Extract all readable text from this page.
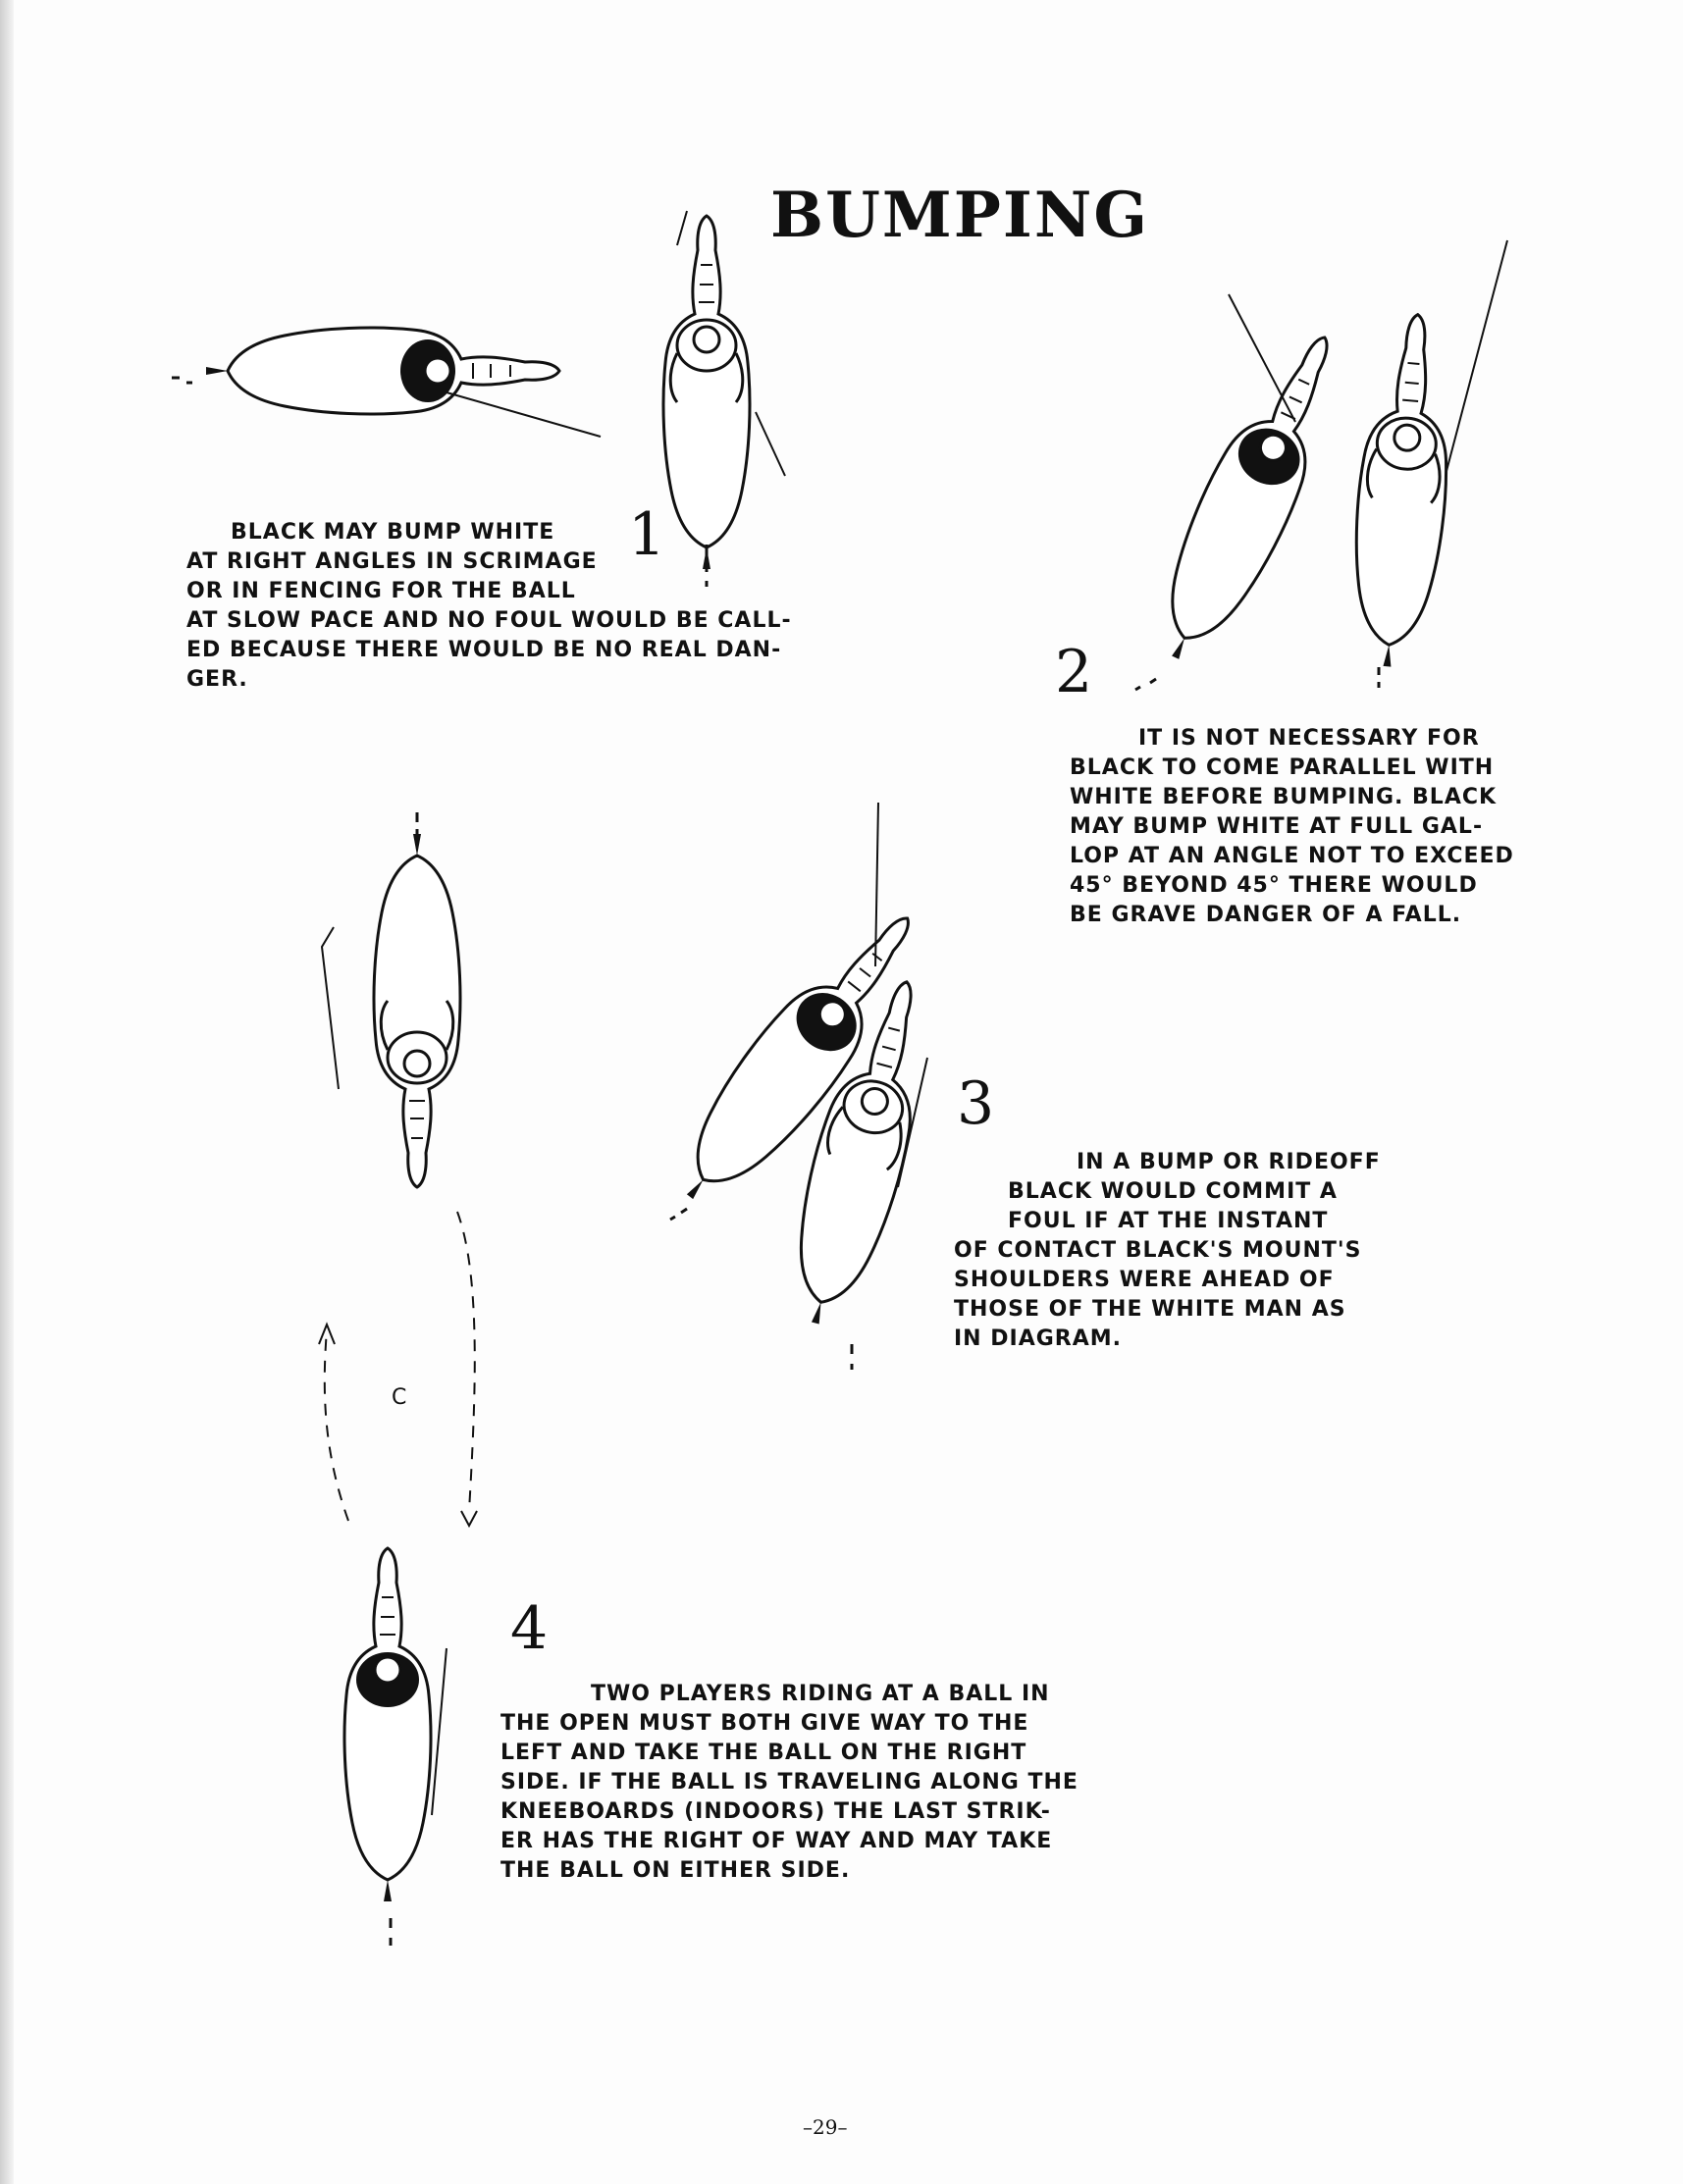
BUMPING
1
BLACK MAY BUMP WHITE
AT RIGHT ANGLES IN SCRIMAGE
OR IN FENCING FOR THE BALL
AT SLOW PACE AND NO FOUL WOULD BE CALL-
ED BECAUSE THERE WOULD BE NO REAL DAN-
GER.	2
IT IS NOT NECESSARY FOR
BLACK TO COME PARALLEL WITH
WHITE BEFORE BUMPING. BLACK
MAY BUMP WHITE AT FULL GAL-
LOP AT AN ANGLE NOT TO EXCEED
45° BEYOND 45° THERE WOULD
BE GRAVE DANGER OF A FALL.
3
IN A BUMP OR RIDEOFF
BLACK WOULD COMMIT A
FOUL IF AT THE INSTANT
OF CONTACT BLACK'S MOUNT'S
SHOULDERS WERE AHEAD OF
THOSE OF THE WHITE MAN AS
IN DIAGRAM.
C
4
TWO PLAYERS RIDING AT A BALL IN
THE OPEN MUST BOTH GIVE WAY TO THE
LEFT AND TAKE THE BALL ON THE RIGHT
SIDE. IF THE BALL IS TRAVELING ALONG THE
KNEEBOARDS (INDOORS) THE LAST STRIK-
ER HAS THE RIGHT OF WAY AND MAY TAKE
THE BALL ON EITHER SIDE.
–29–
